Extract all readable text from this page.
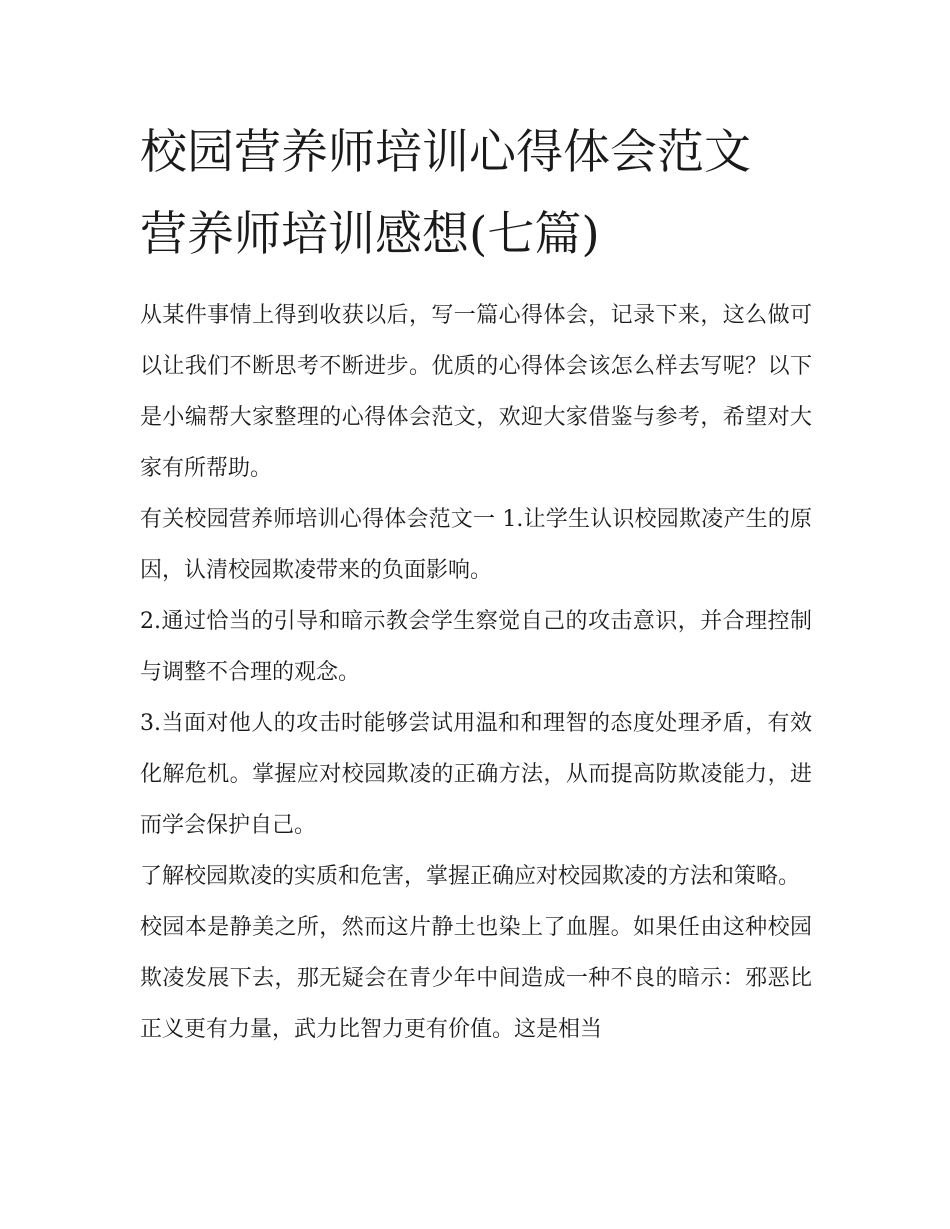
校园营养师培训心得体会范文
营养师培训感想(七篇)

从某件事情上得到收获以后，写一篇心得体会，记录下来，这么做可以让我们不断思考不断进步。优质的心得体会该怎么样去写呢？以下是小编帮大家整理的心得体会范文，欢迎大家借鉴与参考，希望对大家有所帮助。

有关校园营养师培训心得体会范文一 1.让学生认识校园欺凌产生的原因，认清校园欺凌带来的负面影响。

2.通过恰当的引导和暗示教会学生察觉自己的攻击意识，并合理控制与调整不合理的观念。

3.当面对他人的攻击时能够尝试用温和和理智的态度处理矛盾，有效化解危机。掌握应对校园欺凌的正确方法，从而提高防欺凌能力，进而学会保护自己。

了解校园欺凌的实质和危害，掌握正确应对校园欺凌的方法和策略。

校园本是静美之所，然而这片静土也染上了血腥。如果任由这种校园欺凌发展下去，那无疑会在青少年中间造成一种不良的暗示：邪恶比正义更有力量，武力比智力更有价值。这是相当
